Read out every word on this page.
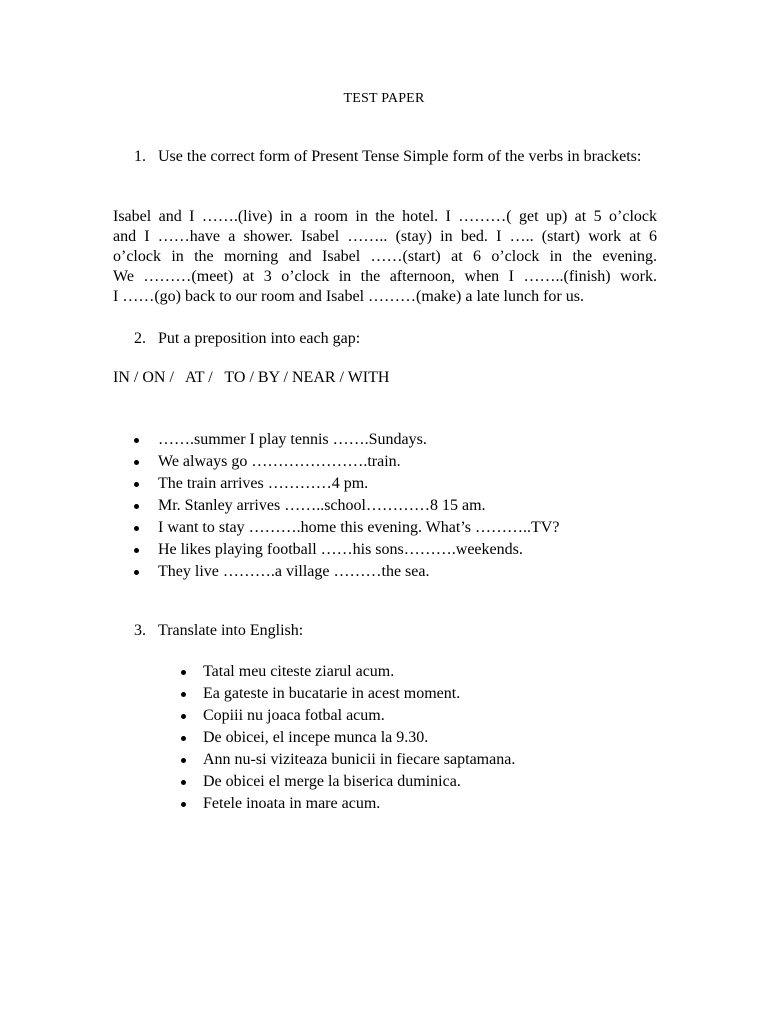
TEST PAPER
1. Use the correct form of Present Tense Simple form of the verbs in brackets:
Isabel and I …….(live) in a room in the hotel. I ………( get up) at 5 o’clock
and I ……have a shower. Isabel …….. (stay) in bed. I ….. (start) work at 6
o’clock in the morning and Isabel ……(start) at 6 o’clock in the evening.
We ………(meet) at 3 o’clock in the afternoon, when I ……..(finish) work.
I ……(go) back to our room and Isabel ………(make) a late lunch for us.
2. Put a preposition into each gap:
IN / ON /   AT /   TO / BY / NEAR / WITH
…….summer I play tennis …….Sundays.
We always go ………………….train.
The train arrives …………4 pm.
Mr. Stanley arrives ……..school…………8 15 am.
I want to stay ……….home this evening. What’s ………..TV?
He likes playing football ……his sons……….weekends.
They live ……….a village ………the sea.
3. Translate into English:
Tatal meu citeste ziarul acum.
Ea gateste in bucatarie in acest moment.
Copiii nu joaca fotbal acum.
De obicei, el incepe munca la 9.30.
Ann nu-si viziteaza bunicii in fiecare saptamana.
De obicei el merge la biserica duminica.
Fetele inoata in mare acum.
